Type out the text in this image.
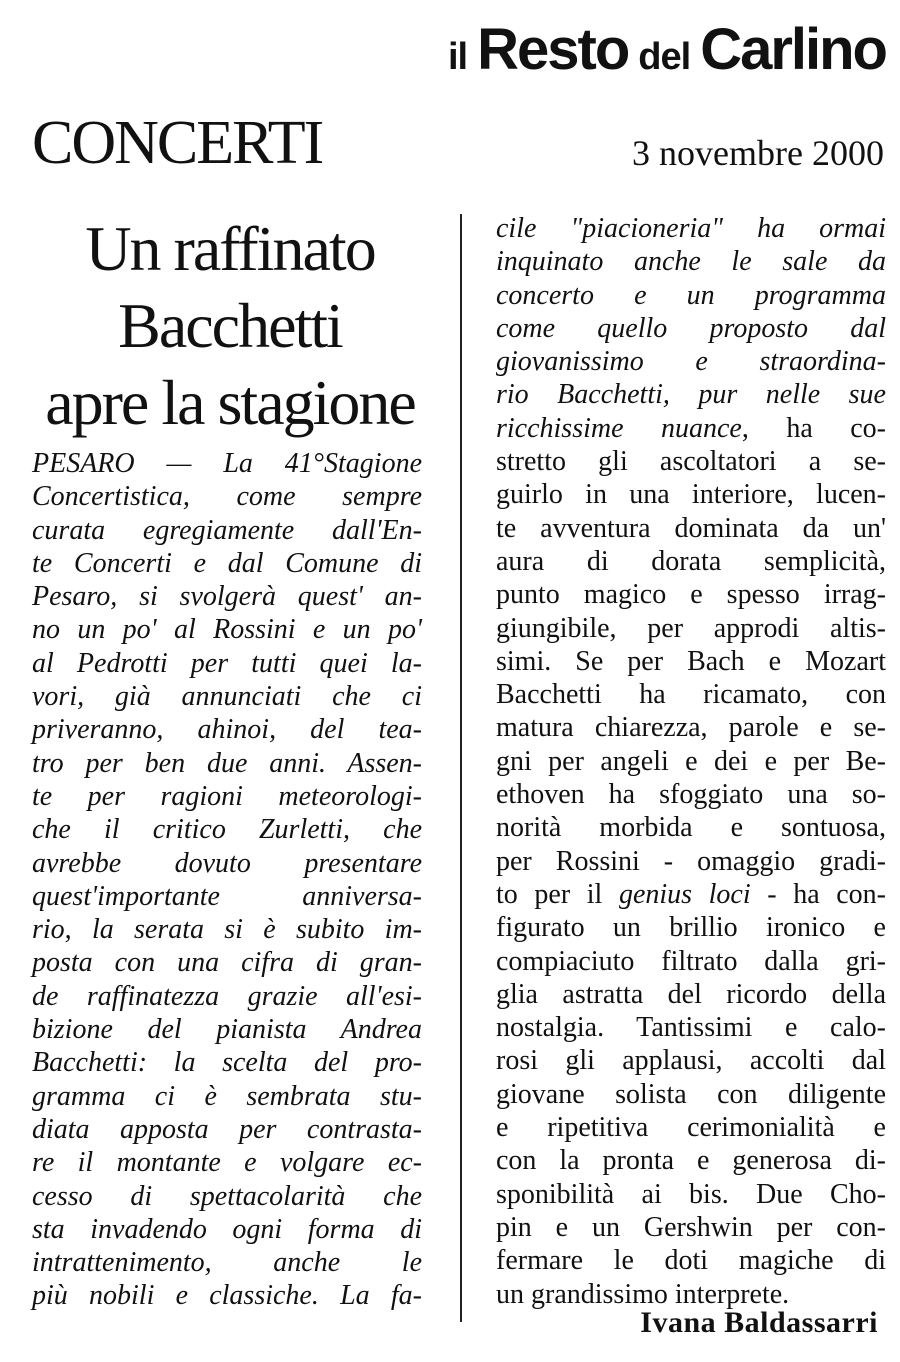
il Resto del Carlino
CONCERTI	3 novembre 2000
Un raffinato
Bacchetti
apre la stagione
PESARO — La 41°Stagione
Concertistica, come sempre
curata egregiamente dall'En-
te Concerti e dal Comune di
Pesaro, si svolgerà quest' an-
no un po' al Rossini e un po'
al Pedrotti per tutti quei la-
vori, già annunciati che ci
priveranno, ahinoi, del tea-
tro per ben due anni. Assen-
te per ragioni meteorologi-
che il critico Zurletti, che
avrebbe dovuto presentare
quest'importante anniversa-
rio, la serata si è subito im-
posta con una cifra di gran-
de raffinatezza grazie all'esi-
bizione del pianista Andrea
Bacchetti: la scelta del pro-
gramma ci è sembrata stu-
diata apposta per contrasta-
re il montante e volgare ec-
cesso di spettacolarità che
sta invadendo ogni forma di
intrattenimento, anche le
più nobili e classiche. La fa-
cile "piacioneria" ha ormai
inquinato anche le sale da
concerto e un programma
come quello proposto dal
giovanissimo e straordina-
rio Bacchetti, pur nelle sue
ricchissime nuance, ha co-
stretto gli ascoltatori a se-
guirlo in una interiore, lucen-
te avventura dominata da un'
aura di dorata semplicità,
punto magico e spesso irrag-
giungibile, per approdi altis-
simi. Se per Bach e Mozart
Bacchetti ha ricamato, con
matura chiarezza, parole e se-
gni per angeli e dei e per Be-
ethoven ha sfoggiato una so-
norità morbida e sontuosa,
per Rossini - omaggio gradi-
to per il genius loci - ha con-
figurato un brillio ironico e
compiaciuto filtrato dalla gri-
glia astratta del ricordo della
nostalgia. Tantissimi e calo-
rosi gli applausi, accolti dal
giovane solista con diligente
e ripetitiva cerimonialità e
con la pronta e generosa di-
sponibilità ai bis. Due Cho-
pin e un Gershwin per con-
fermare le doti magiche di
un grandissimo interprete.
Ivana Baldassarri
